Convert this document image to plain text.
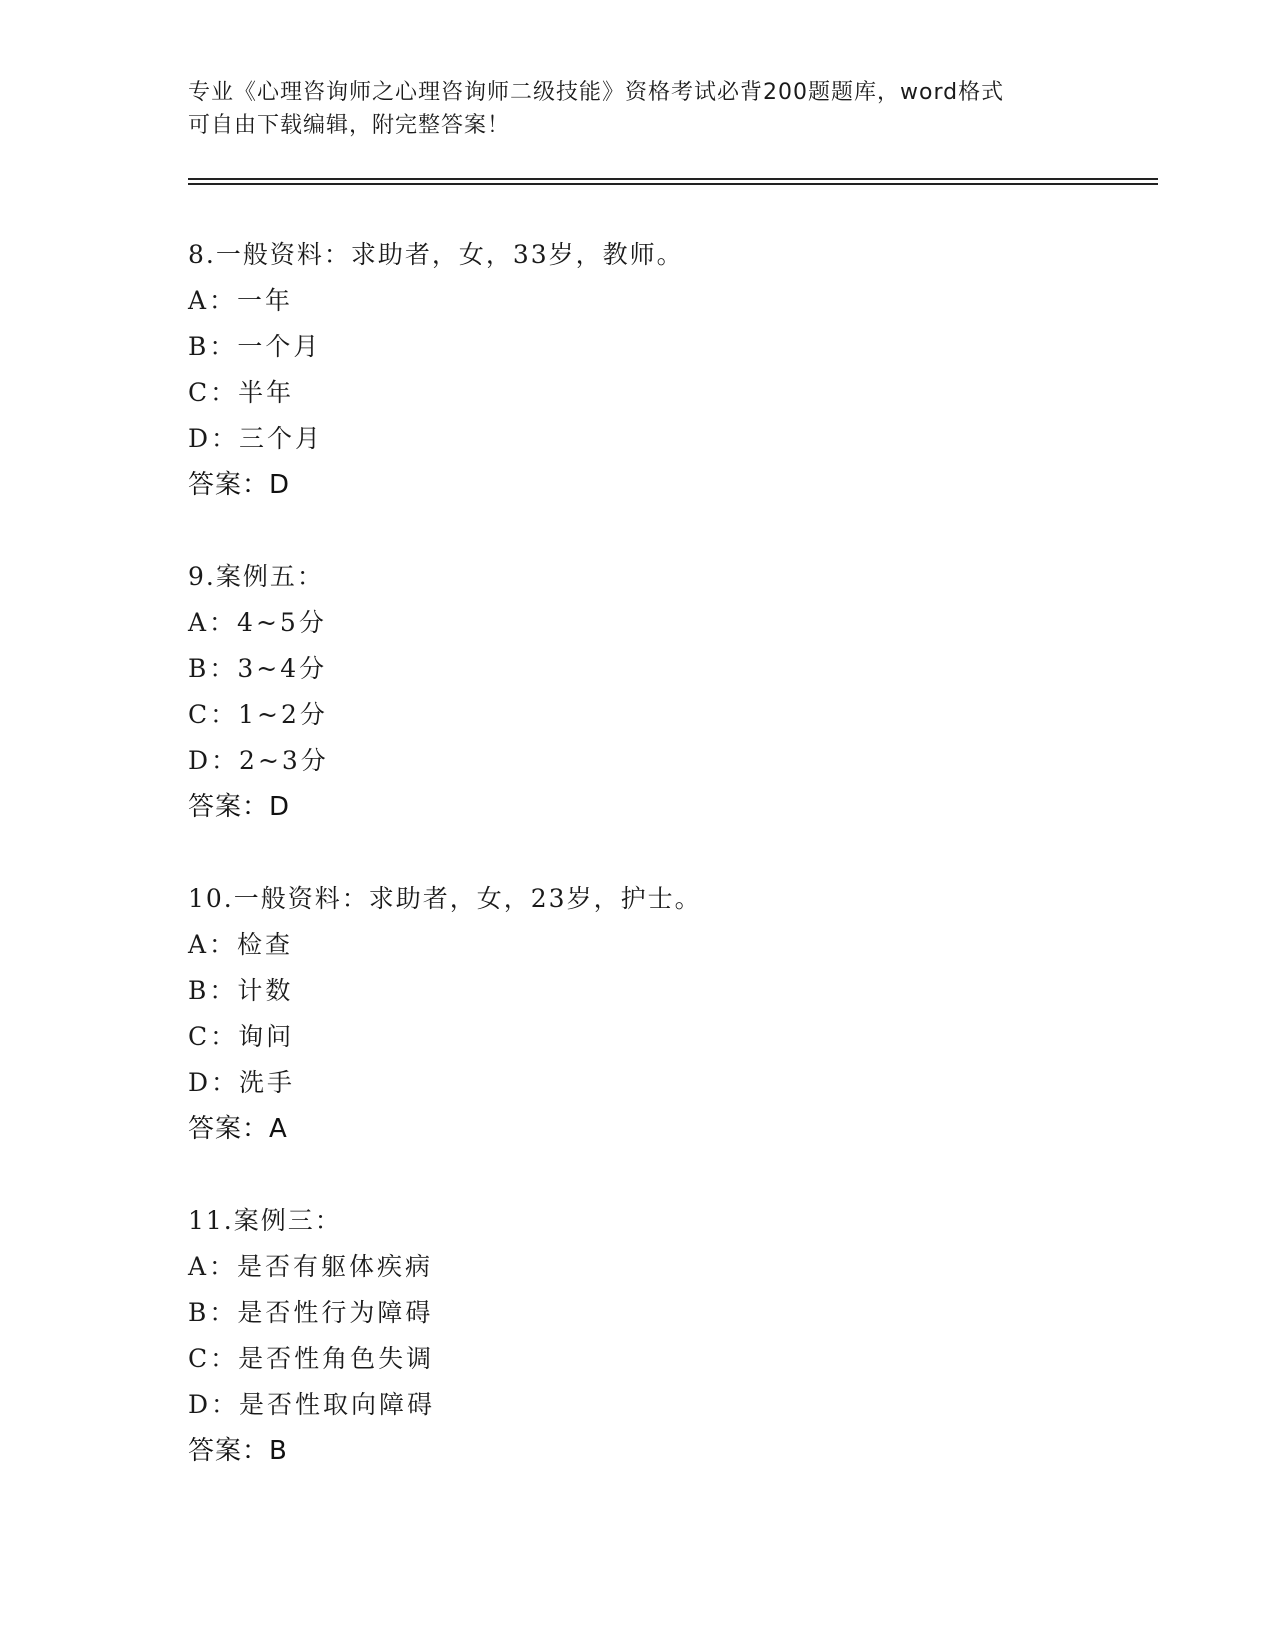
专业《心理咨询师之心理咨询师二级技能》资格考试必背200题题库，word格式
可自由下载编辑，附完整答案！
8.一般资料：求助者，女，33岁，教师。
A：一年
B：一个月
C：半年
D：三个月
答案：D
9.案例五：
A：4~5分
B：3~4分
C：1~2分
D：2~3分
答案：D
10.一般资料：求助者，女，23岁，护士。
A：检查
B：计数
C：询问
D：洗手
答案：A
11.案例三：
A：是否有躯体疾病
B：是否性行为障碍
C：是否性角色失调
D：是否性取向障碍
答案：B
